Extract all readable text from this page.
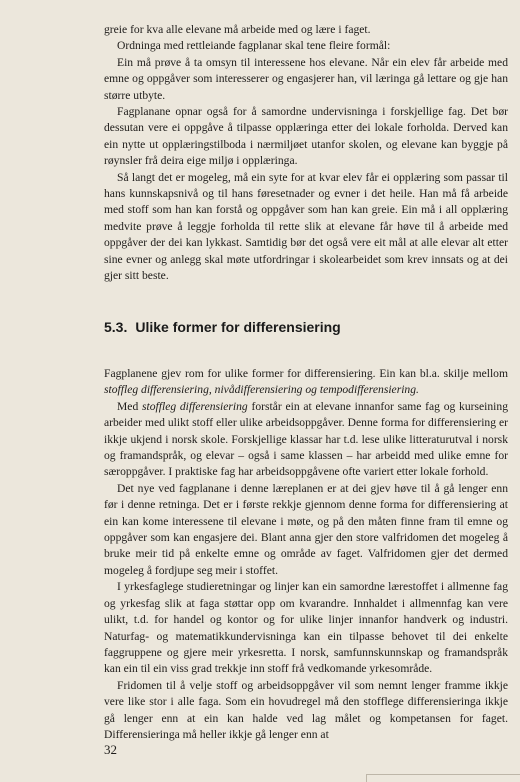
greie for kva alle elevane må arbeide med og lære i faget.

Ordninga med rettleiande fagplanar skal tene fleire formål:

Ein må prøve å ta omsyn til interessene hos elevane. Når ein elev får arbeide med emne og oppgåver som interesserer og engasjerer han, vil læringa gå lettare og gje han større utbyte.

Fagplanane opnar også for å samordne undervisninga i forskjellige fag. Det bør dessutan vere ei oppgåve å tilpasse opplæringa etter dei lokale forholda. Derved kan ein nytte ut opplæringstilboda i nærmiljøet utanfor skolen, og elevane kan byggje på røynsler frå deira eige miljø i opplæringa.

Så langt det er mogeleg, må ein syte for at kvar elev får ei opplæring som passar til hans kunnskapsnivå og til hans føresetnader og evner i det heile. Han må få arbeide med stoff som han kan forstå og oppgåver som han kan greie. Ein må i all opplæring medvite prøve å leggje forholda til rette slik at elevane får høve til å arbeide med oppgåver der dei kan lykkast. Samtidig bør det også vere eit mål at alle elevar alt etter sine evner og anlegg skal møte utfordringar i skolearbeidet som krev innsats og at dei gjer sitt beste.

5.3. Ulike former for differensiering

Fagplanene gjev rom for ulike former for differensiering. Ein kan bl.a. skilje mellom stoffleg differensiering, nivådifferensiering og tempodifferensiering.

Med stoffleg differensiering forstår ein at elevane innanfor same fag og kurseining arbeider med ulikt stoff eller ulike arbeidsoppgåver. Denne forma for differensiering er ikkje ukjend i norsk skole. Forskjellige klassar har t.d. lese ulike litteraturutval i norsk og framandspråk, og elevar – også i same klassen – har arbeidd med ulike emne for særoppgåver. I praktiske fag har arbeidsoppgåvene ofte variert etter lokale forhold.

Det nye ved fagplanane i denne læreplanen er at dei gjev høve til å gå lenger enn før i denne retninga. Det er i første rekkje gjennom denne forma for differensiering at ein kan kome interessene til elevane i møte, og på den måten finne fram til emne og oppgåver som kan engasjere dei. Blant anna gjer den store valfridomen det mogeleg å bruke meir tid på enkelte emne og område av faget. Valfridomen gjer det dermed mogeleg å fordjupe seg meir i stoffet.

I yrkesfaglege studieretningar og linjer kan ein samordne lærestoffet i allmenne fag og yrkesfag slik at faga støttar opp om kvarandre. Innhaldet i allmennfag kan vere ulikt, t.d. for handel og kontor og for ulike linjer innanfor handverk og industri. Naturfag- og matematikkundervisninga kan ein tilpasse behovet til dei enkelte faggruppene og gjere meir yrkesretta. I norsk, samfunnskunnskap og framandspråk kan ein til ein viss grad trekkje inn stoff frå vedkomande yrkesområde.

Fridomen til å velje stoff og arbeidsoppgåver vil som nemnt lenger framme ikkje vere like stor i alle faga. Som ein hovudregel må den stofflege differensieringa ikkje gå lenger enn at ein kan halde ved lag målet og kompetansen for faget. Differensieringa må heller ikkje gå lenger enn at

32
